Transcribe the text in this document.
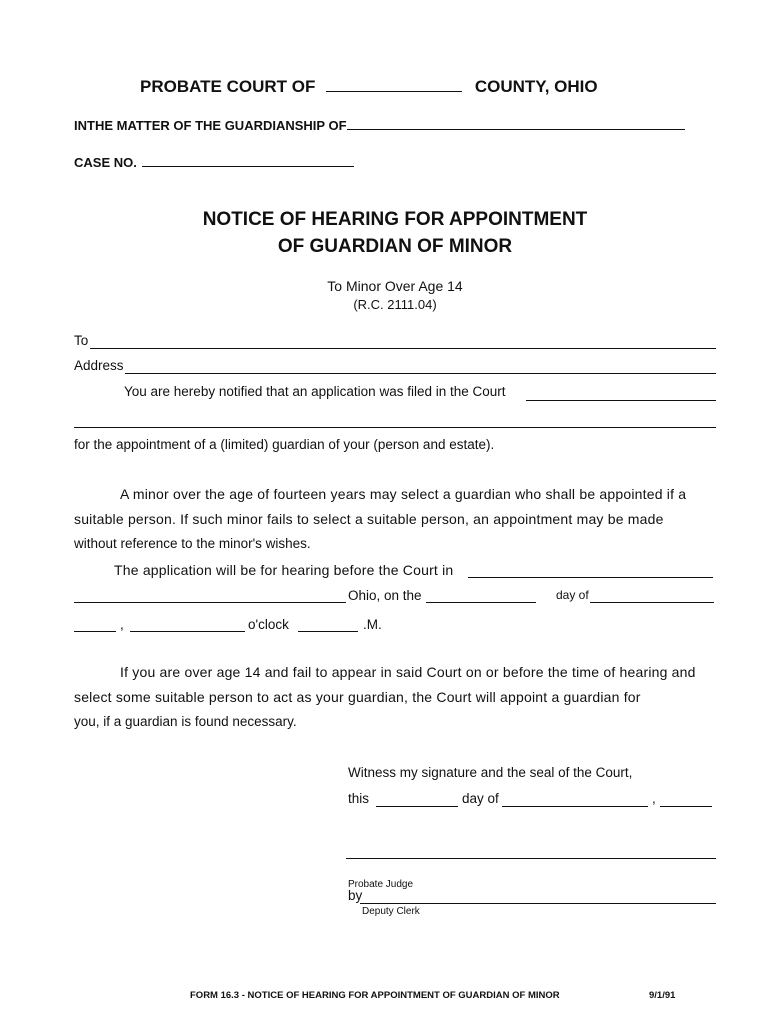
PROBATE COURT OF	COUNTY, OHIO
INTHE MATTER OF THE GUARDIANSHIP OF
CASE NO.
NOTICE OF HEARING FOR APPOINTMENT
OF GUARDIAN OF MINOR
To Minor Over Age 14
(R.C. 2111.04)
To
Address
You are hereby notified that an application was filed in the Court
for the appointment of a (limited) guardian of your (person and estate).
A minor over the age of fourteen years may select a guardian who shall be appointed if a
suitable person. If such minor fails to select a suitable person, an appointment may be made
without reference to the minor's wishes.
The application will be for hearing before the Court in
Ohio, on the	day of
,	o'clock	.M.
If you are over age 14 and fail to appear in said Court on or before the time of hearing and
select some suitable person to act as your guardian, the Court will appoint a guardian for
you, if a guardian is found necessary.
Witness my signature and the seal of the Court,
this	day of	,
Probate Judge
by
Deputy Clerk
FORM 16.3 - NOTICE OF HEARING FOR APPOINTMENT OF GUARDIAN OF MINOR	9/1/91
